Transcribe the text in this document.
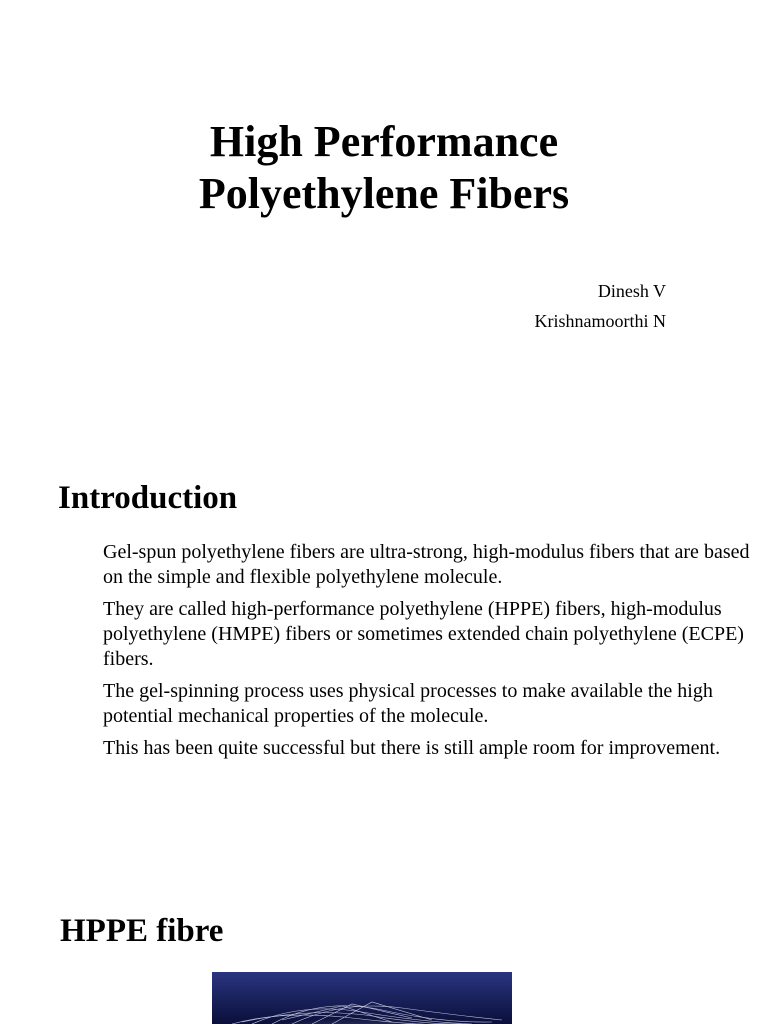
High Performance
Polyethylene Fibers
Dinesh V
Krishnamoorthi N
Introduction
Gel-spun polyethylene fibers are ultra-strong, high-modulus fibers that are based on the simple and flexible polyethylene molecule.
They are called high-performance polyethylene (HPPE) fibers, high-modulus polyethylene (HMPE) fibers or sometimes extended chain polyethylene (ECPE) fibers.
The gel-spinning process uses physical processes to make available the high potential mechanical properties of the molecule.
This has been quite successful but there is still ample room for improvement.
HPPE fibre
